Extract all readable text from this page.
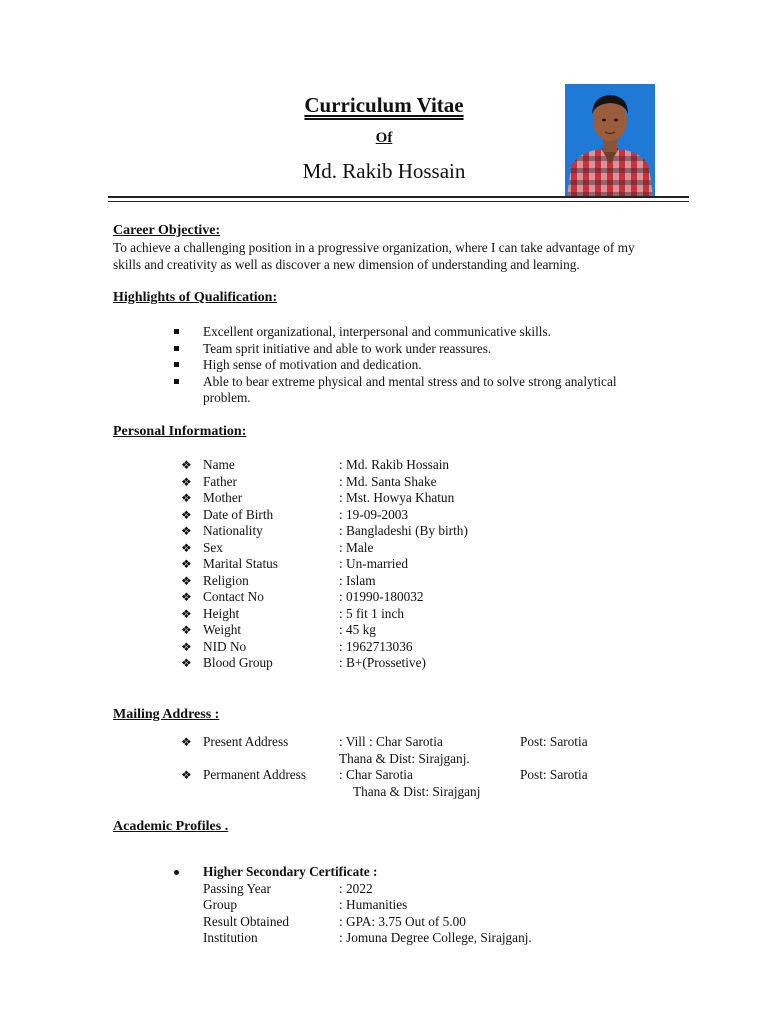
Curriculum Vitae
Of
Md. Rakib Hossain
Career Objective:
To achieve a challenging position in a progressive organization, where I can take advantage of my skills and creativity as well as discover a new dimension of understanding and learning.
Highlights of Qualification:
Excellent organizational, interpersonal and communicative skills.
Team sprit initiative and able to work under reassures.
High sense of motivation and dedication.
Able to bear extreme physical and mental stress and to solve strong analytical problem.
Personal Information:
❖ Name	: Md. Rakib Hossain
❖ Father	: Md. Santa Shake
❖ Mother	: Mst. Howya Khatun
❖ Date of Birth	: 19-09-2003
❖ Nationality	: Bangladeshi (By birth)
❖ Sex	: Male
❖ Marital Status	: Un-married
❖ Religion	: Islam
❖ Contact No	: 01990-180032
❖ Height	: 5 fit 1 inch
❖ Weight	: 45 kg
❖ NID No	: 1962713036
❖ Blood Group	: B+(Prossetive)
Mailing Address :
❖ Present Address	: Vill : Char Sarotia	Post: Sarotia
Thana & Dist: Sirajganj.
❖ Permanent Address : Char Sarotia	Post: Sarotia
Thana & Dist: Sirajganj
Academic Profiles .
Higher Secondary Certificate :
Passing Year	: 2022
Group	: Humanities
Result Obtained	: GPA: 3.75 Out of 5.00
Institution	: Jomuna Degree College, Sirajganj.
